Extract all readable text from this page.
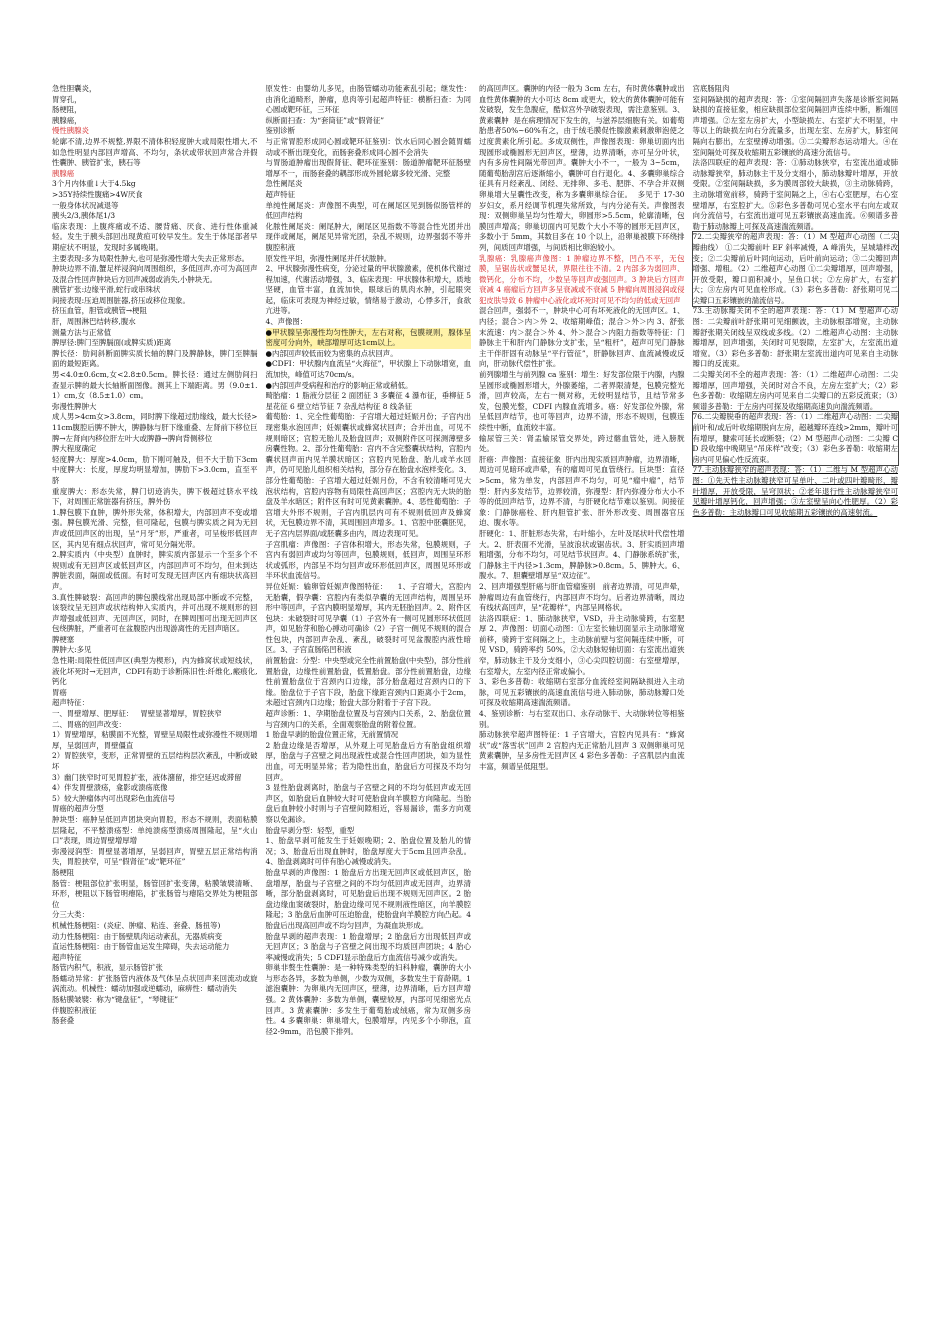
急性胆囊炎，

胃穿孔，

肠梗阻，

胰腺癌，

慢性胰腺炎

轮廓不清,边界不规整,界限不清体积轻度肿大或局限性增大,不如急性明显内部回声增高、不均匀，条状或带状回声常合并假性囊肿、胰管扩张，胰石等

胰腺癌

3个月内体重↓大于4.5kg

>35Y持续性腹痛>4W厌食

一般身体状况减退等

胰头2/3,胰体尾1/3

临床表现：上腹疼痛或不适、腰背痛、厌食、进行性体重减轻。发生于胰头部回出现黄疸可较早发生。发生于体尾部者早期症状不明显，发现时多属晚期。

主要表现:多为局限性肿大,也可是弥漫性增大失去正常形态。

肿块边界不清,蟹足样浸润向周围组织，多低回声,亦可为高回声及混合性回声肿块后方回声减弱或消失,小肿块无。

胰管扩张:边缘平滑,蛇行或串珠状

间接表现:压迫周围脏器,挤压或移位现象。

挤压血管，胆管或胰管→梗阻

肝，周围淋巴结转移,腹水

测量方法与正常值

脾厚径:脾门至脾膈面(或脾实质)距离

脾长径：肋间斜断面脾实质长轴的脾门及脾静脉，脾门至脾膈面的最短距离。

男<4.0±0.6cm,女<2.8±0.5cm。脾长径：通过左侧肋间扫查显示脾的最大长轴断面图像。测其上下端距离。男（9.0±1.1）cm,女（8.5±1.0）cm。

弥漫性脾肿大

成人男>4cm女>3.8cm，同时脾下缘超过肋缘线，最大长径>11cm腹腔后脾不肿大，脾静脉与肝下缘重叠、左肾前下移位巨脾→左肾向内移位肝左叶大或脾静→脾向背侧移位

脾大程度确定

轻度脾大：厚度>4.0cm，肋下刚可触及，但不大于肋下3cm中度脾大：长度，厚度均明显增加，脾肋下>3.0cm，直至平脐

重度脾大：形态失常，脾门切迹消失，脾下极超过脐水平线下，对周围正常脏器有挤压，脾外伤

1.脾包膜下血肿，脾外形失常，体积增大，内部回声不变或增强。脾包膜光滑、完整，但可隆起，包膜与脾实质之间为无回声或低回声区的出现，呈“月牙”形，严重者，可呈梭形低回声区，其内见有细点状回声，常可见分隔光带。

2.脾实质内（中央型）血肿时，脾实质内部显示一个至多个不规则或有无回声区或低回声区，内部回声可不均匀，但未到达脾脏表面，隔面或低面。有时可发现无回声区内有细块状高回声。

3.真性脾破裂：高回声的脾包膜线常出现局部中断或不完整，该裂纹呈无回声或状结构伸入实质内，并可出现不规则形的回声增强或低回声、无回声区，同时，在脾周围可出现无回声区包绕脾脏，严重者可在盆腹腔内出现游离性的无回声暗区。

脾梗塞

脾肿大:多见

急性期:局限性低回声区(典型为楔形)，内为蜂窝状或短线状，液化坏死时→无回声，CDFI有助于诊断陈旧性:纤维化,瘢痕化,钙化

胃癌

超声特征：

一、胃壁增厚、肥厚征：   胃壁显著增厚，胃腔狭窄

二、胃癌的回声改变：

1）胃壁增厚，粘膜面不光整，胃壁呈局限性或弥漫性不规则增厚，呈弱回声，胃壁僵直

2）胃腔狭窄，变形，正常胃壁的五层结构层次紊乱，中断或破坏

3）幽门狭窄时可见胃腔扩张，液体潴留，排空延迟或滞留

4）伴发胃壁溃疡，龛影或溃疡底像

5）较大肿瘤体内可出现彩色血流信号

胃癌的超声分型

肿块型：癌肿呈低回声团块突向胃腔，形态不规则，表面粘膜层隆起，不平整溃疡型：单纯溃疡型溃疡周围隆起，呈“火山口”表现，周边胃壁增厚增

弥漫浸润型：胃壁显著增厚，呈弱回声，胃壁五层正常结构消失，胃腔狭窄，可呈“假肾征”或“靶环征”

肠梗阻

肠管：梗阻部位扩张明显，肠管回扩张变薄，粘膜皱襞清晰、环形，梗阻以下肠管明瘪陷，扩张肠管与瘪陷交界处为梗阻部位

分三大类：

机械性肠梗阻：(炎症、肿瘤、粘连、套叠、肠扭等)

动力性肠梗阻：由于肠壁肌肉运动紊乱，无器质病变

直运性肠梗阻：由于肠管血运发生障碍，失去运动能力

超声特征

肠管内积气，积液，显示肠管扩张

肠蠕动异常：扩张肠管内液体及气体呈点状回声来回流动或旋涡流动。机械性：蠕动加强或逆蠕动，麻痹性：蠕动消失

肠粘膜皱襞：称为“键盘征”，“琴键征”

伴腹腔积液征

肠套叠

原发性：由婴幼儿多见，由肠管蠕动功能紊乱引起；继发性：由消化道畸形，肿瘤，息肉等引起超声特征：横断扫查：为同心圆或靶环征，三环征

纵断面扫查：为“套筒征”或“假肾征”

鉴别诊断

与正常胃腔形成同心圆或靶环征鉴别：饮水后同心圆会随胃蠕动或不断出现变化，而肠套叠形成同心圆不会消失

与胃肠道肿瘤出现假肾征、靶环征鉴别：肠道肿瘤靶环征肠壁增厚不一，而肠套叠的耦部形成外圆轮廓多较光滑、完整

急性阑尾炎

超声特征

单纯性阑尾炎：声像图不典型，可在阑尾区见到肠似肠管样的低回声结构

化脓性阑尾炎：阑尾肿大，阑尾区见指数不等混合性光团并出现伴或阑尾，阑尾见异常光团，杂乱不规则，边界强弱不等并腹腔积液

原发性平坦，弥漫性阑尾并仟状脓肿。

2、甲状腺弥漫性病变，分泌过量的甲状腺激素，使机体代谢过程加速，代谢活动增强，3、临床表现：甲状腺体积增大，质地坚硬，血管丰富，血流加快，眼球后的肌肉水肿，引起眼突起，临床可表现为神经过敏，情绪易于激动，心悸多汗，食欲亢进等。

4、声像图：

●甲状腺呈弥漫性均匀性肿大，左右对称，包膜规则，腺体呈密度可分向外，峡部增厚可达1cm以上。

●内部回声较低而较为密集的点状回声。

●CDFI：甲状腺内血流呈“火海征”，甲状腺上下动脉增宽，血流加快，峰值可达70cm/s。

●内部回声受病程和治疗的影响正常或稍低。

畸胎瘤：1 脂液分层征 2 面团征 3 多囊征 4 瀑布征，垂柳征 5 星花征 6 壁立结节征 7 杂乱结构征 8 线条征

葡萄胎：1、完全性葡萄胎：子宫增大超过妊娠月份；子宫内出现密集水泡回声；妊娠囊状或蜂窝状回声；合并出血，可见不规则暗区；宫腔无胎儿及胎盘回声；双侧附件区可探测薄壁多房囊性物。2、部分性葡萄胎：宫内不含完整囊状结构，宫腔内囊状回声而内见羊膜状暗区；宫腔内见胎盘、胎儿或羊水回声，仍可见胎儿组织相关结构，部分存在胎盘水泡样变化。3、部分性葡萄胎：子宫增大超过妊娠月份，不含有较清晰可见大泡状结构，宫腔内容物有局限性高回声区；宫腔内无大块的胎盘及羊水暗区；附件区有时可见黄素囊肿。4、恶性葡萄胎：子宫增大外形不规则，子宫内肌层内可有不规则低回声及蜂窝状，无包膜边界不清，其周围回声增多。1、官腔中胚囊胚见，无子宫内层界面/或胚囊多由内，周边表现可见。

子宫肌瘤：声像图：子宫体积增大，形态失常，包膜规则，子宫内有弱回声或均匀等回声，包膜规则，低回声，周围呈环形状或弧形，内部呈不均匀回声或环形低回声区，周围见环形或半环状血流信号。

异位妊娠：输卵管妊娠声像图特征：    1、子宫增大，宫腔内无胎囊，假孕囊：宫腔内有类似孕囊的无回声结构，周围呈环形中等回声，子宫内膜明显增厚，其内无胚胎回声。2、附件区包块：未破裂时可见孕囊（1）子宫外有一侧可见圆形环状低回声，如见胎芽和胎心搏动可确诊（2）子宫一侧见不规则的混合性包块，内部回声杂乱、紊乱，破裂时可见盆腹腔内液性暗区。3、子宫直肠陷凹积液

前置胎盘：分型：中央型或完全性前置胎盘(中央型)，部分性前置胎盘，边缘性前置胎盘，低置胎盘。部分性前置胎盘，边缘性前置胎盘位于宫颈内口边缘，部分胎盘超过宫颈内口的下缘。胎盘位于子宫下段，胎盘下缘距宫颈内口距离小于2cm，未超过宫颈内口边缘；胎盘大部分附着于子宫下段。

超声诊断：1、孕期胎盘位置及与宫颈内口关系，2、胎盘位置与宫颈内口的关系，全面观察胎盘的附着位置。

1 胎盘早剥的胎盘位置正常，无前置情况

2 胎盘边缘是否增厚，从外观上可见胎盘后方有胎盘组织增厚，胎盘与子宫壁之间出现液性或混合性回声团块，如为显性出血，可无明显异常；若为隐性出血，胎盘后方可探及不均匀回声。

3 显性胎盘剥离时，胎盘与子宫壁之间的不均匀低回声或无回声区，如胎盘后血肿较大时可使胎盘向羊膜腔方向隆起。当胎盘后血肿较小时则与子宫壁间隙相近，容易漏诊，需多方向观察以免漏诊。

胎盘早剥分型：轻型，重型

1、胎盘早剥可能发生于妊娠晚期；2、胎盘位置及胎儿的情况；3、胎盘后出现血肿时，胎盘厚度大于5cm且回声杂乱。4、胎盘剥离时可伴有胎心减慢或消失。

胎盘早剥的声像图：1 胎盘后方出现无回声区或低回声区，胎盘增厚，胎盘与子宫壁之间的不均匀低回声或无回声，边界清晰，部分胎盘剥离时，可见胎盘后出现不规则无回声区。2 胎盘边缘血窦破裂时，胎盘边缘可见不规则液性暗区，向羊膜腔隆起；3 胎盘后血肿可压迫胎盘，使胎盘向羊膜腔方向凸起。4 胎盘后出现高回声或不均匀回声，为凝血块形成。

胎盘早剥的超声表现：1 胎盘增厚；2 胎盘后方出现低回声或无回声区；3 胎盘与子宫壁之间出现不均质回声团块；4 胎心率减慢或消失；5 CDFI显示胎盘后方血流信号减少或消失。

卵巢非赘生性囊肿：是一种特殊类型的妇科肿瘤，囊肿的大小与形态各异，多数为单侧，少数为双侧，多数发生于育龄期。1 滤泡囊肿：为卵巢内无回声区，壁薄，边界清晰，后方回声增强。2 黄体囊肿：多数为单侧，囊壁较厚，内部可见细密光点回声。3 黄素囊肿：多发生于葡萄胎或绒癌，常为双侧多房性。4 多囊卵巢：卵巢增大，包膜增厚，内见多个小卵泡，直径2-9mm，沿包膜下排列。

的高回声区。囊肿的内径一般为 3cm 左右，有时黄体囊肿或出血性黄体囊肿的大小可达 8cm 或更大，较大的黄体囊肿可能有发破裂，发生急腹症，酷似宫外孕破裂表现，需注意鉴别。3、黄素囊肿  是在病理情况下发生的，与滋养层细胞有关。如葡萄胎患者50%~60%有之，由于绒毛膜促性腺激素刺激卵泡使之过度黄素化所引起。多成双侧性，声像图表现：卵巢切面内出现圆形或椭圆形无回声区，壁薄，边界清晰，亦可呈分叶状，内有多房性间隔光带回声。囊肿大小不一，一般为 3~5cm，随葡萄胎刮宫后逐渐缩小，囊肿可自行退化。4、多囊卵巢综合征具有月经紊乱、闭经、无排卵、多毛、肥胖、不孕合并双侧卵巢增大呈囊性改变，称为多囊卵巢综合征。  多见于 17-30 岁妇女，系月经调节机理失常所致，与内分泌有关。声像图表现：双侧卵巢呈均匀性增大，卵圆形>5.5cm，轮廓清晰，包膜回声增高；卵巢切面内可见数个大小不等的圆形无回声区，多数小于 5mm，其数目多在 10 个以上，沿卵巢被膜下环绕排列，间质回声增强，与间质相比卵泡较小。

乳腺癌：乳腺癌声像图：1 肿瘤边界不整，凹凸不平，无包膜，呈锯齿状或蟹足状，界限往往不清。2 内部多为弱回声、微钙化，分布不均，少数呈等回声或强回声。3 肿块后方回声衰减 4 癌瘤后方回声多呈衰减或不衰减 5 肿瘤向周围浸润或侵犯皮肤导致 6 肿瘤中心液化或坏死时可见不均匀的低或无回声

混合回声，强弱不一，肿块中心可有坏死液化的无回声区。1、内径；混合＞内＞外 2、收缩期峰值；混合＞外＞内 3、舒张末流速：内＞混合＞外 4、外＞混合＞内阻力指数等特征：门静脉主干和肝内门静脉分支扩张，呈“粗杆”，超声可见门静脉主干伴肝固有动脉呈“平行管征”，肝静脉回声、血流减慢或反向，肝动脉代偿性扩张。

前列腺增生与前列腺 ca 鉴别：增生：好发部位限于内腺，内腺呈圆形或椭圆形增大，外腺萎缩，二者界限清楚，包膜完整光滑，回声较高，左右一侧对称，无较明显结节，且结节常多发，包膜光整，CDFI 内腺血流增多。癌：好发部位外腺，常呈低回声结节，也可等回声，边界不清，形态不规则，包膜连续性中断，血流较丰富。

输尿管三关：肾盂输尿管交界处，跨过髂血管处，进入膀胱处。

肝癌：声像图：直接征象  肝内出现实质回声肿瘤，边界清晰，周边可见暗环或声晕，有的瘤周可见血管绕行。巨块型：直径 >5cm，常为单发，内部回声不均匀，可见“瘤中瘤”，结节型：肝内多发结节，边界较清，弥漫型：肝内弥漫分布大小不等的低回声结节，边界不清，与肝硬化结节难以鉴别。间接征象：门静脉癌栓、肝内胆管扩张、肝外形改变、周围器官压迫、腹水等。

肝硬化：1、肝脏形态失常，右叶缩小，左叶及尾状叶代偿性增大。2、肝表面不光滑，呈波浪状或锯齿状。3、肝实质回声增粗增强，分布不均匀，可见结节状回声。4、门静脉系统扩张，门静脉主干内径>1.3cm，脾静脉>0.8cm。5、脾肿大。6、腹水。7、胆囊壁增厚呈“双边征”。

2、回声增强型肝癌与肝血管瘤鉴别   前者边界清，可见声晕，肿瘤周边有血管绕行，内部回声不均匀。后者边界清晰，周边有线状高回声，呈“花瓣样”，内部呈网格状。

法洛四联症：1、肺动脉狭窄，VSD，升主动脉骑跨，右室肥厚 2、声像图：切面心动图：①左室长轴切面显示主动脉增宽前移，骑跨于室间隔之上，主动脉前壁与室间隔连续中断，可见 VSD，骑跨率约 50%，②大动脉短轴切面：右室流出道狭窄，肺动脉主干及分支细小，③心尖四腔切面：右室壁增厚，右室增大，左室内径正常或偏小。

3、彩色多普勒：收缩期右室部分血流经室间隔缺损进入主动脉，可见五彩镶嵌的高速血流信号进入肺动脉，肺动脉瓣口处可探及收缩期高速湍流频谱。

4、鉴别诊断：与右室双出口、永存动脉干、大动脉转位等相鉴别。

肺动脉狭窄超声图特征：1 子宫增大，宫腔内见具有：“蜂窝状”或“落雪状”回声 2 宫腔内无正常胎儿回声 3 双侧卵巢可见黄素囊肿，呈多房性无回声区 4 彩色多普勒：子宫肌层内血流丰富，频谱呈低阻型。

宫底肠阻肉

室间隔缺损的超声表现：答：①室间隔回声失落是诊断室间隔缺损的直接征象，相应缺损部位室间隔回声连续中断，断端回声增强。②左室左房扩大，小型缺损左、右室扩大不明显，中等以上的缺损左向右分流量多，出现左室、左房扩大，肺室间隔向右膨出，左室壁搏动增强。③二尖瓣形态运动增大。④在室间隔处可探及收缩期五彩镶嵌的高速分流信号。

法洛四联症的超声表现：答：①肺动脉狭窄，右室流出道或肺动脉瓣狭窄，肺动脉主干及分支细小，肺动脉瓣叶增厚，开放受限。②室间隔缺损，多为膜周部较大缺损，③主动脉骑跨，主动脉增宽前移，骑跨于室间隔之上，④右心室肥厚，右心室壁增厚，右室腔扩大。⑤彩色多普勒可见心室水平右向左或双向分流信号，右室流出道可见五彩镶嵌高速血流。⑥频谱多普勒于肺动脉瓣上可探及高速湍流频谱。

72.二尖瓣狭窄的超声表现：答：（1）M 型超声心动图（二尖瓣曲线） ①二尖瓣前叶 EF 斜率减慢，A 峰消失，呈城墙样改变；②二尖瓣前后叶同向运动，后叶前向运动；③二尖瓣回声增强、增粗。（2）二维超声心动图 ①二尖瓣增厚，回声增强，开放受限，瓣口面积减小，呈鱼口状；②左房扩大，右室扩大；③左房内可见血栓形成。（3）彩色多普勒：舒张期可见二尖瓣口五彩镶嵌的湍流信号。

73.主动脉瓣关闭不全的超声表现：答：（1）M 型超声心动图：二尖瓣前叶舒张期可见细颤波，主动脉根部增宽，主动脉瓣舒张期关闭线呈双线或多线。（2）二维超声心动图：主动脉瓣增厚，回声增强，关闭时可见裂隙，左室扩大，左室流出道增宽。（3）彩色多普勒：舒张期左室流出道内可见来自主动脉瓣口的反流束。

二尖瓣关闭不全的超声表现：答：（1）二维超声心动图：二尖瓣增厚，回声增强，关闭时对合不良，左房左室扩大；（2）彩色多普勒：收缩期左房内可见来自二尖瓣口的五彩反流束；（3）频谱多普勒：于左房内可探及收缩期高速负向湍流频谱。

76.二尖瓣脱垂的超声表现：答：（1）二维超声心动图：二尖瓣前叶和/或后叶收缩期脱向左房，超越瓣环连线>2mm，瓣叶可有增厚，腱索可延长或断裂；（2）M 型超声心动图：二尖瓣 CD 段收缩中晚期呈“吊床样”改变；（3）彩色多普勒：收缩期左房内可见偏心性反流束。

77.主动脉瓣狭窄的超声表现：答：（1）二维与 M 型超声心动图：①先天性主动脉瓣狭窄可呈单叶、二叶或四叶瓣畸形，瓣叶增厚，开放受限，呈穹顶状；②老年退行性主动脉瓣狭窄可见瓣叶增厚钙化，回声增强；③左室壁呈向心性肥厚。（2）彩色多普勒：主动脉瓣口可见收缩期五彩镶嵌的高速射流。
